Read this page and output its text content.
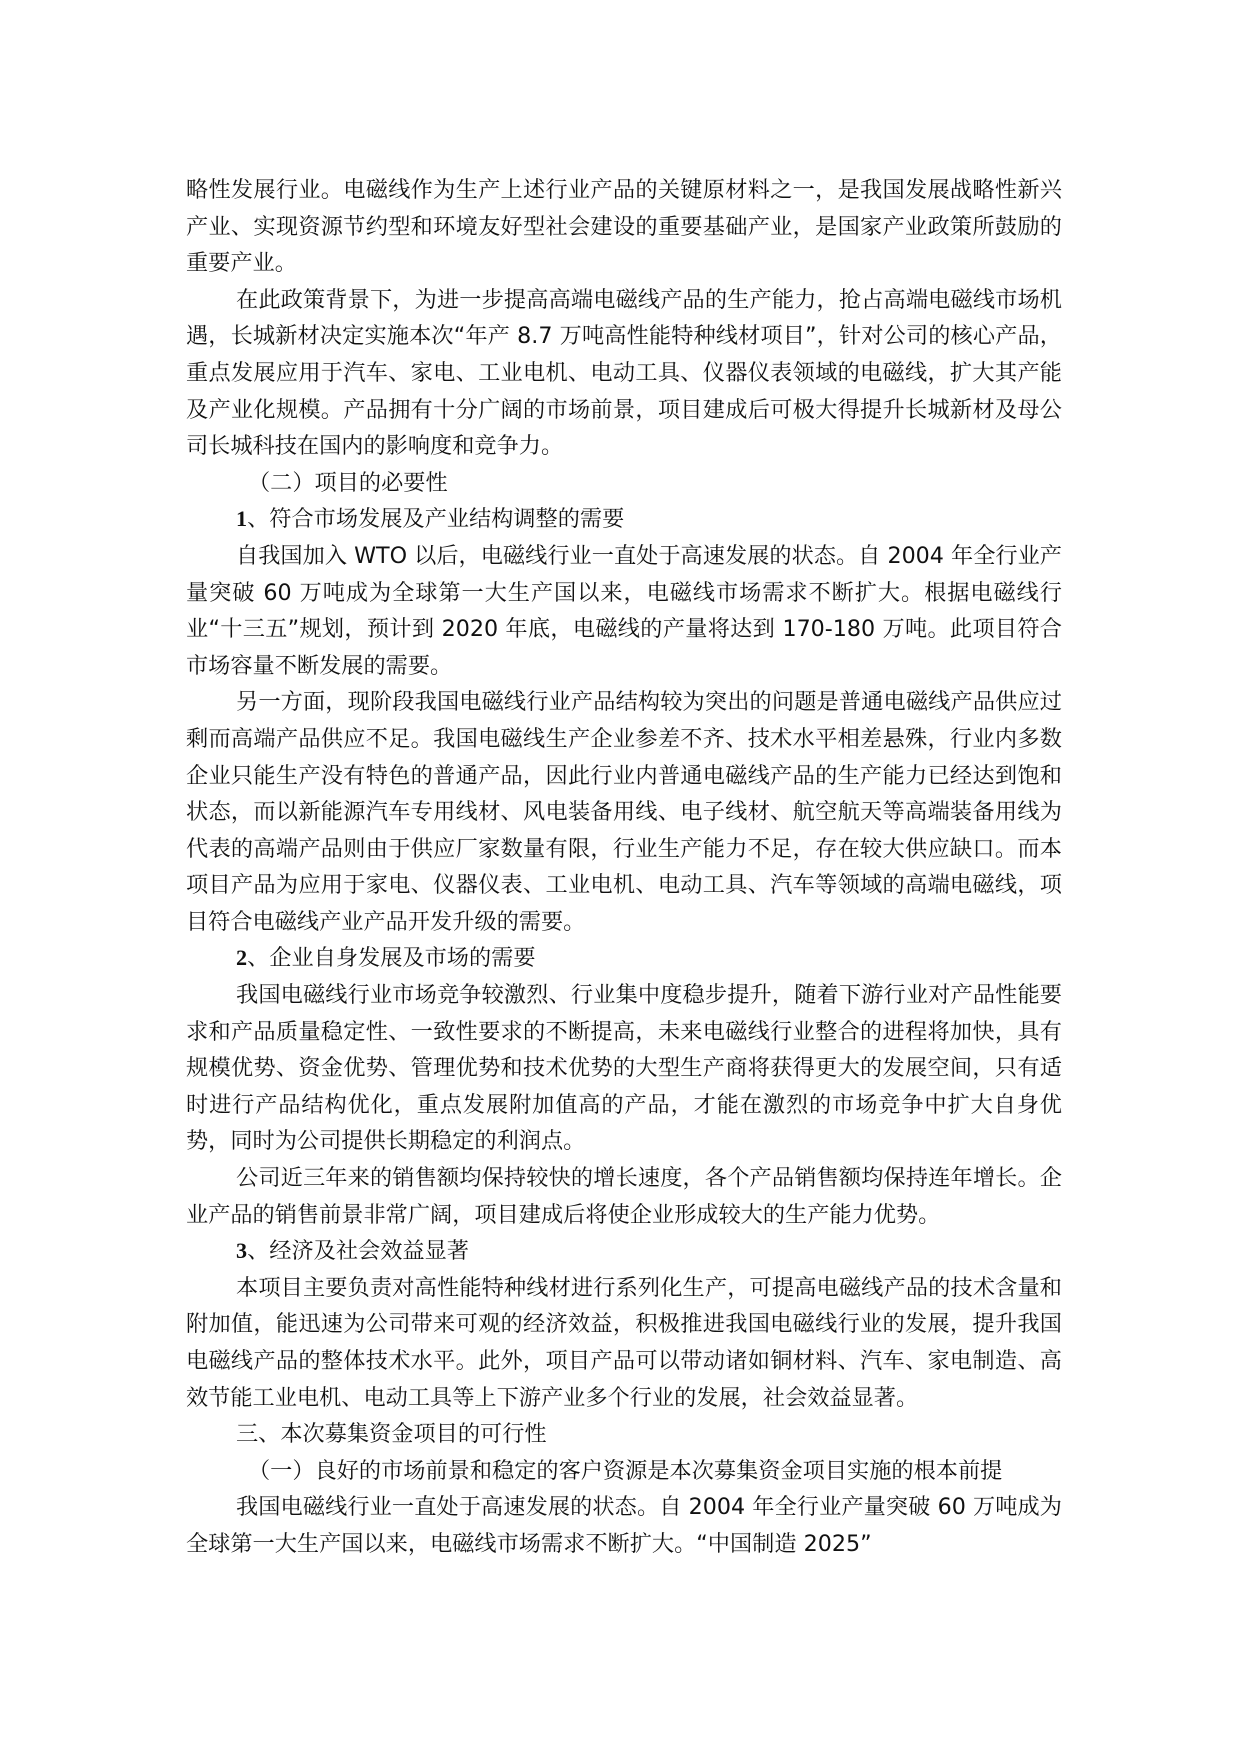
略性发展行业。电磁线作为生产上述行业产品的关键原材料之一，是我国发展战略性新兴产业、实现资源节约型和环境友好型社会建设的重要基础产业，是国家产业政策所鼓励的重要产业。

在此政策背景下，为进一步提高高端电磁线产品的生产能力，抢占高端电磁线市场机遇，长城新材决定实施本次“年产 8.7 万吨高性能特种线材项目”，针对公司的核心产品，重点发展应用于汽车、家电、工业电机、电动工具、仪器仪表领域的电磁线，扩大其产能及产业化规模。产品拥有十分广阔的市场前景，项目建成后可极大得提升长城新材及母公司长城科技在国内的影响度和竞争力。

（二）项目的必要性

1、符合市场发展及产业结构调整的需要

自我国加入 WTO 以后，电磁线行业一直处于高速发展的状态。自 2004 年全行业产量突破 60 万吨成为全球第一大生产国以来，电磁线市场需求不断扩大。根据电磁线行业“十三五”规划，预计到 2020 年底，电磁线的产量将达到 170-180 万吨。此项目符合市场容量不断发展的需要。

另一方面，现阶段我国电磁线行业产品结构较为突出的问题是普通电磁线产品供应过剩而高端产品供应不足。我国电磁线生产企业参差不齐、技术水平相差悬殊，行业内多数企业只能生产没有特色的普通产品，因此行业内普通电磁线产品的生产能力已经达到饱和状态，而以新能源汽车专用线材、风电装备用线、电子线材、航空航天等高端装备用线为代表的高端产品则由于供应厂家数量有限，行业生产能力不足，存在较大供应缺口。而本项目产品为应用于家电、仪器仪表、工业电机、电动工具、汽车等领域的高端电磁线，项目符合电磁线产业产品开发升级的需要。

2、企业自身发展及市场的需要

我国电磁线行业市场竞争较激烈、行业集中度稳步提升，随着下游行业对产品性能要求和产品质量稳定性、一致性要求的不断提高，未来电磁线行业整合的进程将加快，具有规模优势、资金优势、管理优势和技术优势的大型生产商将获得更大的发展空间，只有适时进行产品结构优化，重点发展附加值高的产品，才能在激烈的市场竞争中扩大自身优势，同时为公司提供长期稳定的利润点。

公司近三年来的销售额均保持较快的增长速度，各个产品销售额均保持连年增长。企业产品的销售前景非常广阔，项目建成后将使企业形成较大的生产能力优势。

3、经济及社会效益显著

本项目主要负责对高性能特种线材进行系列化生产，可提高电磁线产品的技术含量和附加值，能迅速为公司带来可观的经济效益，积极推进我国电磁线行业的发展，提升我国电磁线产品的整体技术水平。此外，项目产品可以带动诸如铜材料、汽车、家电制造、高效节能工业电机、电动工具等上下游产业多个行业的发展，社会效益显著。

三、本次募集资金项目的可行性

（一）良好的市场前景和稳定的客户资源是本次募集资金项目实施的根本前提

我国电磁线行业一直处于高速发展的状态。自 2004 年全行业产量突破 60 万吨成为全球第一大生产国以来，电磁线市场需求不断扩大。“中国制造 2025”
